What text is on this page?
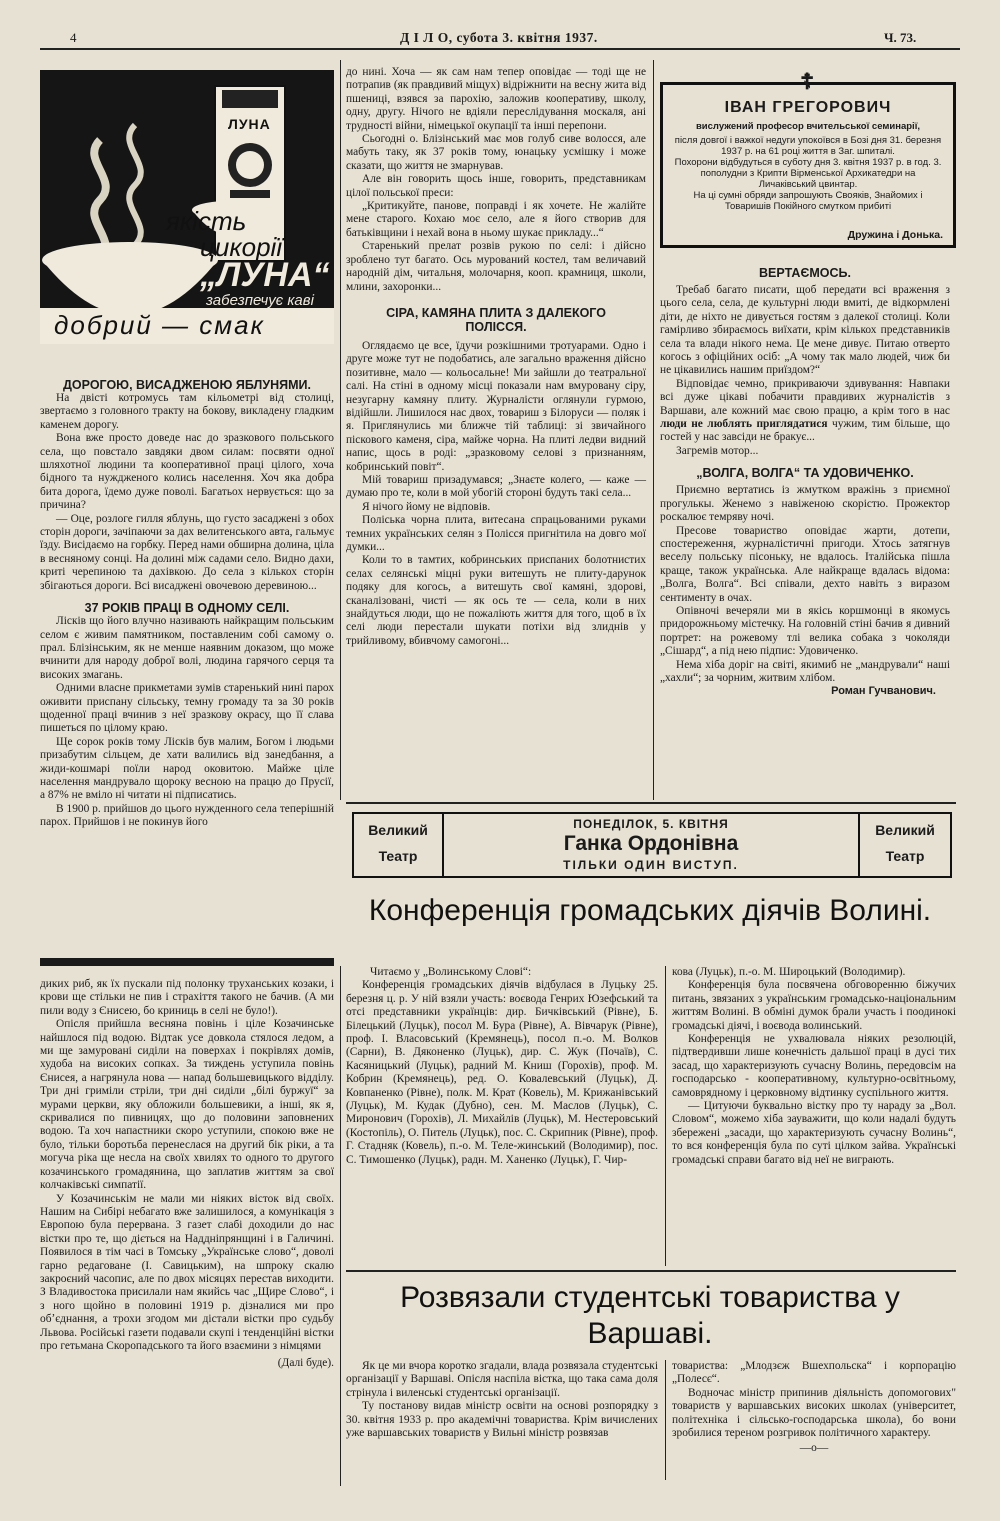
4	Д І Л О, субота 3. квітня 1937.	Ч. 73.
ЛУНА
якість
цикорії
„ЛУНА“
забезпечує каві
добрий — смак
ДОРОГОЮ, ВИСАДЖЕНОЮ ЯБЛУНЯМИ.

На двісті котромусь там кільометрі від столиці, звертаємо з головного тракту на бокову, викладену гладким каменем дорогу.

Вона вже просто доведе нас до зразкового польського села, що повстало завдяки двом силам: посвяти одної шляхотної людини та кооперативної праці цілого, хоча бідного та нуждженого колись населення. Хоч яка добра бита дорога, їдемо дуже поволі. Багатьох нервується: що за причина?

— Оце, розлоге гилля яблунь, що густо засаджені з обох сторін дороги, зачіпаючи за дах велитенського авта, гальмує їзду. Висідаємо на горбку. Перед нами обширна долина, ціла в весняному сонці. На долині між садами село. Видно дахи, криті черепиною та дахівкою. До села з кількох сторін збігаються дороги. Всі висаджені овочевою деревиною...

37 РОКІВ ПРАЦІ В ОДНОМУ СЕЛІ.

Лісків що його влучно називають найкращим польським селом є живим памятником, поставленим собі самому о. прал. Блізінським, як не менше наявним доказом, що може вчинити для народу доброї волі, людина гарячого серця та високих змагань.

Одними власне прикметами зумів старенький нині парох оживити приспану сільську, темну громаду та за 30 років щоденної праці вчинив з неї зразкову окрасу, що її слава пишеться по цілому краю.

Ще сорок років тому Лісків був малим, Богом і людьми призабутим сільцем, де хати валились від занедбання, а жиди-кошмарі поїли народ оковитою. Майже ціле населення мандрувало щороку весною на працю до Прусії, а 87% не вміло ні читати ні підписатись.

В 1900 р. прийшов до цього нужденного села теперішній парох. Прийшов і не покинув його

диких риб, як їх пускали під полонку труханських козаки, і крови ще стільки не пив і страхіття такого не бачив. (А ми пили воду з Єнисею, бо криниць в селі не було!).

Опісля прийшла весняна повінь і ціле Козачинське найшлося під водою. Відтак усе довкола стялося ледом, а ми ще замуровані сиділи на поверхах і покрівлях домів, худоба на високих сопках. За тиждень уступила повінь Єнисея, а нагрянула нова — напад большевицького відділу. Три дні гриміли стріли, три дні сиділи „білі буржуї“ за мурами церкви, яку обложили большевики, а інші, як я, скривалися по пивницях, що до половини заповнених водою. Та хоч напастники скоро уступили, спокою вже не було, тільки боротьба перенеслася на другий бік ріки, а та могуча ріка ще несла на своїх хвилях то одного то другого козачинського громадянина, що заплатив життям за свої колчаківські симпатії.

У Козачинськім не мали ми ніяких вісток від своїх. Нашим на Сибірі небагато вже залишилося, а комунікація з Европою була перервана. З газет слабі доходили до нас вістки про те, що діється на Наддніпрянщині і в Галичині. Появилося в тім часі в Томську „Українське слово“, доволі гарно редаговане (І. Савицьким), на шпроку скалю закроєний часопис, але по двох місяцях перестав виходити. З Владивостока присилали нам якийсь час „Щире Слово“, і з ного щойно в половині 1919 р. дізналися ми про обʼєднання, а трохи згодом ми дістали вістки про судьбу Львова. Російські газети подавали скупі і тенденційні вістки про гетьмана Скоропадського та його взаємини з німцями

(Далі буде).

до нині. Хоча — як сам нам тепер оповідає — тоді ще не потрапив (як правдивий міщух) відріжнити на весну жита від пшениці, взявся за парохію, заложив кооперативу, школу, одну, другу. Нічого не вдіяли переслідування москаля, ані трудності війни, німецької окупації та інші перепони.

Сьогодні о. Блізінський має мов голуб сиве волосся, але мабуть таку, як 37 років тому, юнацьку усмішку і може сказати, що життя не змарнував.

Але він говорить щось інше, говорить, представникам цілої польської преси:

„Критикуйте, панове, поправді і як хочете. Не жалійте мене старого. Кохаю моє село, але я його створив для батьківщини і нехай вона в ньому шукає прикладу...“

Старенький прелат розвів рукою по селі: і дійсно зроблено тут багато. Ось мурований костел, там величавий народній дім, читальня, молочарня, кооп. крамниця, школи, млини, захоронки...

СІРА, КАМЯНА ПЛИТА З ДАЛЕКОГО ПОЛІССЯ.

Оглядаємо це все, їдучи розкішними тротуарами. Одно і друге може тут не подобатись, але загально враження дійсно позитивне, мало — кольосальне! Ми зайшли до театральної салі. На стіні в одному місці показали нам вмуровану сіру, незугарну камяну плиту. Журналісти оглянули гурмою, відійшли. Лишилося нас двох, товариш з Білоруси — поляк і я. Приглянулись ми ближче тій таблиці: зі звичайного піскового каменя, сіра, майже чорна. На плиті ледви видний напис, щось в роді: „зразковому селові з признанням, кобринський повіт“.

Мій товариш призадумався; „Знаєте колего, — каже — думаю про те, коли в мой убогій стороні будуть такі села...

Я нічого йому не відповів.

Поліська чорна плита, витесана спрацьованими руками темних українських селян з Полісся пригнітила на довго мої думки...

Коли то в тамтих, кобринських приспаних болотнистих селах селянські міцні руки витешуть не плиту-дарунок подяку для когось, а витешуть свої камяні, здорові, сканалізовані, чисті — як ось те — села, коли в них знайдуться люди, що не пожаліють життя для того, щоб в їх селі люди перестали шукати потіхи від злиднів у трийливому, вбивчому самогоні...

☦
ІВАН ГРЕГОРОВИЧ
вислужений професор вчительської семинарії,
після довгої і важкої недуги упокоївся в Бозі дня 31. березня 1937 р. на 61 році життя в Заг. шпиталі.
Похорони відбудуться в суботу дня 3. квітня 1937 р. в год. 3. пополудни з Крипти Вірменської Архикатедри на Личаківський цвинтар.
На ці сумні обряди запрошують Свояків, Знайомих і Товаришів Покійного смутком прибиті
Дружина і Донька.
ВЕРТАЄМОСЬ.

Требаб багато писати, щоб передати всі враження з цього села, села, де культурні люди вмиті, де відкормлені діти, де ніхто не дивується гостям з далекої столиці. Коли гамірливо збираємось виїхати, крім кількох представників села та влади нікого нема. Це мене дивує. Питаю отверто когось з офіційних осіб: „А чому так мало людей, чиж би не цікавились нашим приїздом?“

Відповідає чемно, прикриваючи здивування: Навпаки всі дуже цікаві побачити правдивих журналістів з Варшави, але кожний має свою працю, а крім того в нас люди не люблять приглядатися чужим, тим більше, що гостей у нас завсіди не бракує...

Загремів мотор...

„ВОЛГА, ВОЛГА“ ТА УДОВИЧЕНКО.

Приємно вертатись із жмутком вражінь з приємної прогулькы. Женемо з навіженою скорістю. Прожектор роскалює темряву ночі.

Пресове товариство оповідає жарти, дотепи, спостереження, журналістичні пригоди. Хтось затягнув веселу польську пісоньку, не вдалось. Італійська пішла краще, також українська. Але найкраще вдалась відома: „Волга, Волга“. Всі співали, дехто навіть з виразом сентименту в очах.

Опівночі вечеряли ми в якісь коршмонці в якомусь придорожньому містечку. На головній стіні бачив я дивний портрет: на рожевому тлі велика собака з чоколяди „Сішард“, а під нею підпис: Удовиченко.

Нема хіба доріг на світі, якимиб не „мандрували“ наші „хахли“; за чорним, житвим хлібом.

Роман Гучванович.

Великий
Театр
ПОНЕДІЛОК, 5. КВІТНЯ
Ганка Ордонівна
ТІЛЬКИ ОДИН ВИСТУП.
Великий
Театр
Конференція громадських діячів Волині.

Читаємо у „Волинському Слові“:

Конференція громадських діячів відбулася в Луцьку 25. березня ц. р. У ній взяли участь: воєвода Генрих Юзефський та отсі представники українців: дир. Бичківський (Рівне), Б. Білецький (Луцьк), посол М. Бура (Рівне), А. Вівчарук (Рівне), проф. І. Власовський (Кремянець), посол п.-о. М. Волков (Сарни), В. Дяконенко (Луцьк), дир. С. Жук (Почаїв), С. Касяницький (Луцьк), радний М. Книш (Горохів), проф. М. Кобрин (Кремянець), ред. О. Ковалевський (Луцьк), Д. Ковпаненко (Рівне), полк. М. Крат (Ковель), М. Крижанівський (Луцьк), М. Кудак (Дубно), сен. М. Маслов (Луцьк), С. Миронович (Горохів), Л. Михайлів (Луцьк), М. Нестеровський (Костопіль), О. Питель (Луцьк), пос. С. Скрипник (Рівне), проф. Г. Стадняк (Ковель), п.-о. М. Теле-жинський (Володимир), пос. С. Тимошенко (Луцьк), радн. М. Ханенко (Луцьк), Г. Чир-

кова (Луцьк), п.-о. М. Широцький (Володимир).

Конференція була посвячена обговоренню біжучих питань, звязаних з українським громадсько-національним життям Волині. В обміні думок брали участь і поодинокі громадські діячі, і воєвода волинський.

Конференція не ухвалювала ніяких резолюцій, підтвердивши лише конечність дальшої праці в дусі тих засад, що характеризують сучасну Волинь, передовсім на господарсько - кооперативному, культурно-освітньому, самоврядному і церковному відтинку суспільного життя.

— Цитуючи буквально вістку про ту нараду за „Вол. Словом“, можемо хіба зауважити, що коли надалі будуть збережені „засади, що характеризують сучасну Волинь“, то вся конференція була по суті цілком зайва. Українські громадські справи багато від неї не виграють.

Розвязали студентські товариства у Варшаві.

Як це ми вчора коротко згадали, влада розвязала студентські організації у Варшаві. Опісля наспіла вістка, що така сама доля стрінула і виленські студентські організації.

Ту постанову видав міністр освіти на основі розпорядку з 30. квітня 1933 р. про академічні товариства. Крім вичислених уже варшавських товариств у Вильні міністр розвязав

товариства: „Млодзєж Вшехпольска“ і корпорацію „Полесє“.

Водночас міністр припинив діяльність допомогових" товариств у варшавських високих школах (університет, політехніка і сільсько-господарська школа), бо вони зробилися тереном розгривок політичного характеру.

—o—
